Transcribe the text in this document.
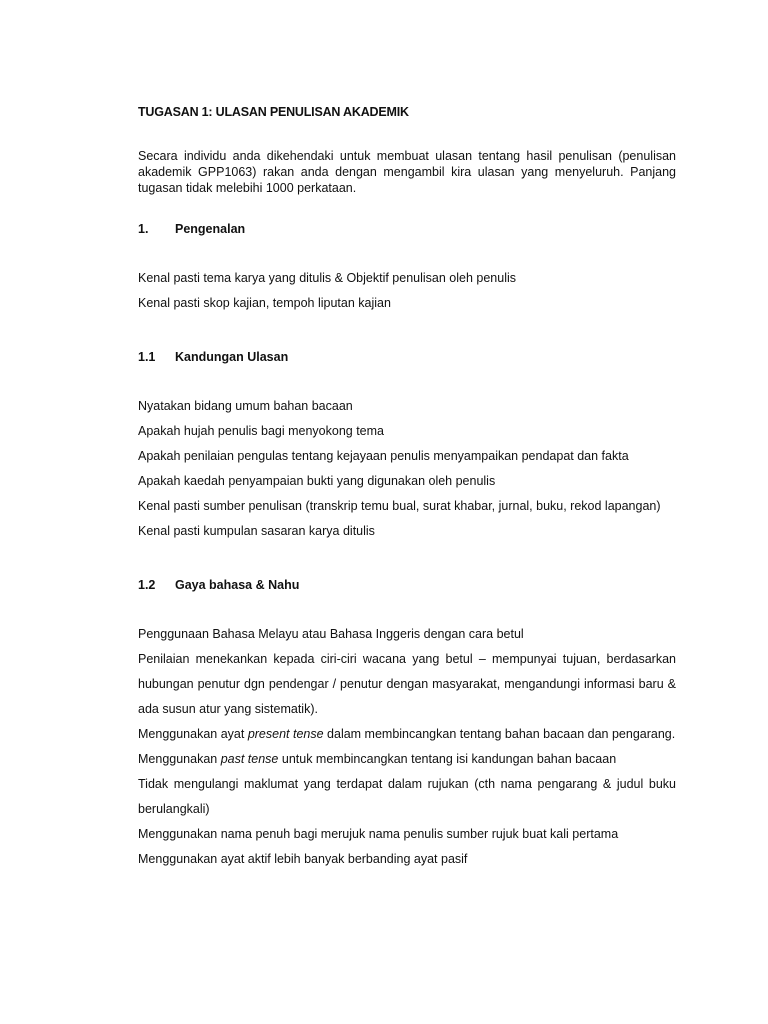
TUGASAN 1: ULASAN PENULISAN AKADEMIK

Secara individu anda dikehendaki untuk membuat ulasan tentang hasil penulisan (penulisan akademik GPP1063) rakan anda dengan mengambil kira ulasan yang menyeluruh. Panjang tugasan tidak melebihi 1000 perkataan.

1.	Pengenalan

Kenal pasti tema karya yang ditulis & Objektif penulisan oleh penulis
Kenal pasti skop kajian, tempoh liputan kajian

1.1	Kandungan Ulasan

Nyatakan bidang umum bahan bacaan
Apakah hujah penulis bagi menyokong tema
Apakah penilaian pengulas tentang kejayaan penulis menyampaikan pendapat dan fakta
Apakah kaedah penyampaian bukti yang digunakan oleh penulis
Kenal pasti sumber penulisan (transkrip temu bual, surat khabar, jurnal, buku, rekod lapangan)
Kenal pasti kumpulan sasaran karya ditulis

1.2	Gaya bahasa & Nahu

Penggunaan Bahasa Melayu atau Bahasa Inggeris dengan cara betul
Penilaian menekankan kepada ciri-ciri wacana yang betul – mempunyai tujuan, berdasarkan hubungan penutur dgn pendengar / penutur dengan masyarakat, mengandungi informasi baru & ada susun atur yang sistematik).
Menggunakan ayat present tense dalam membincangkan tentang bahan bacaan dan pengarang.
Menggunakan past tense untuk membincangkan tentang isi kandungan bahan bacaan
Tidak mengulangi maklumat yang terdapat dalam rujukan (cth nama pengarang & judul buku berulangkali)
Menggunakan nama penuh bagi merujuk nama penulis sumber rujuk buat kali pertama
Menggunakan ayat aktif lebih banyak berbanding ayat pasif
